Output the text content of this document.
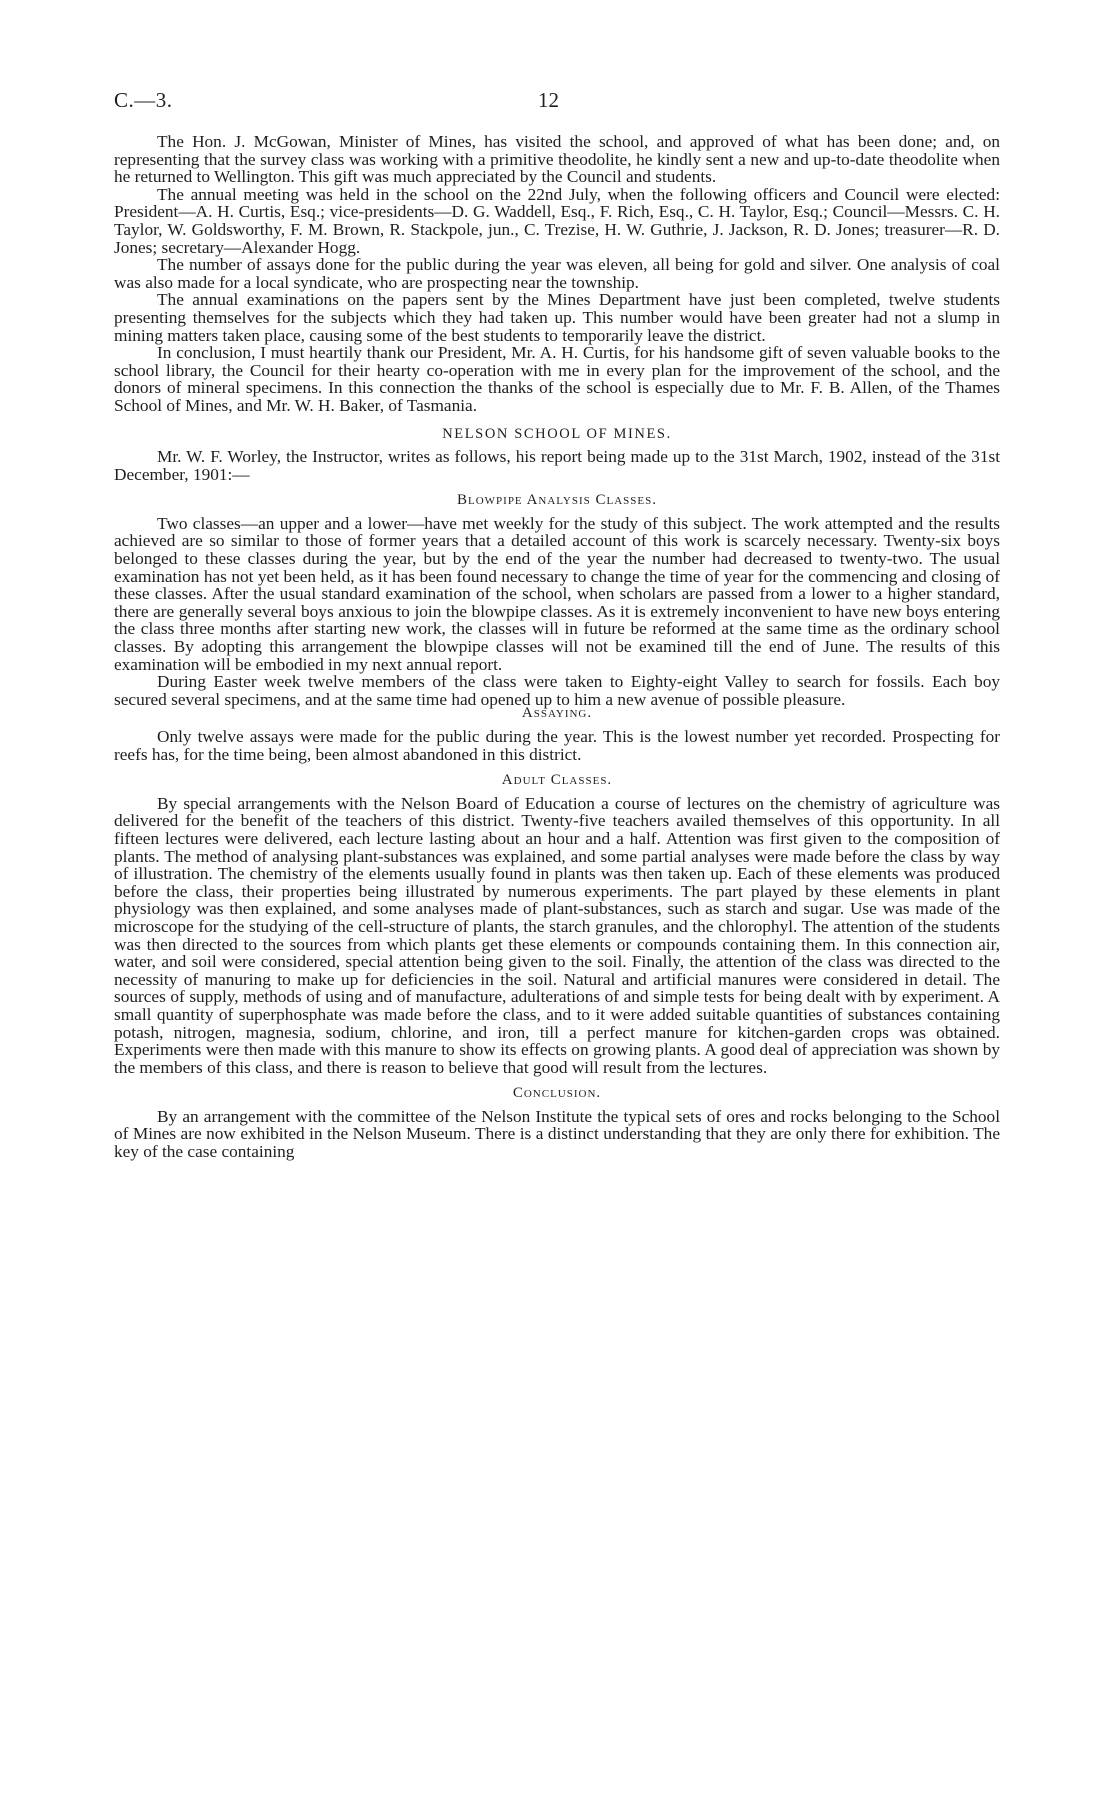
C.—3.	12

The Hon. J. McGowan, Minister of Mines, has visited the school, and approved of what has been done; and, on representing that the survey class was working with a primitive theodolite, he kindly sent a new and up-to-date theodolite when he returned to Wellington. This gift was much appreciated by the Council and students.

The annual meeting was held in the school on the 22nd July, when the following officers and Council were elected: President—A. H. Curtis, Esq.; vice-presidents—D. G. Waddell, Esq., F. Rich, Esq., C. H. Taylor, Esq.; Council—Messrs. C. H. Taylor, W. Goldsworthy, F. M. Brown, R. Stackpole, jun., C. Trezise, H. W. Guthrie, J. Jackson, R. D. Jones; treasurer—R. D. Jones; secretary—Alexander Hogg.

The number of assays done for the public during the year was eleven, all being for gold and silver. One analysis of coal was also made for a local syndicate, who are prospecting near the township.

The annual examinations on the papers sent by the Mines Department have just been completed, twelve students presenting themselves for the subjects which they had taken up. This number would have been greater had not a slump in mining matters taken place, causing some of the best students to temporarily leave the district.

In conclusion, I must heartily thank our President, Mr. A. H. Curtis, for his handsome gift of seven valuable books to the school library, the Council for their hearty co-operation with me in every plan for the improvement of the school, and the donors of mineral specimens. In this connection the thanks of the school is especially due to Mr. F. B. Allen, of the Thames School of Mines, and Mr. W. H. Baker, of Tasmania.

NELSON SCHOOL OF MINES.

Mr. W. F. Worley, the Instructor, writes as follows, his report being made up to the 31st March, 1902, instead of the 31st December, 1901:—

Blowpipe Analysis Classes.

Two classes—an upper and a lower—have met weekly for the study of this subject. The work attempted and the results achieved are so similar to those of former years that a detailed account of this work is scarcely necessary. Twenty-six boys belonged to these classes during the year, but by the end of the year the number had decreased to twenty-two. The usual examination has not yet been held, as it has been found necessary to change the time of year for the commencing and closing of these classes. After the usual standard examination of the school, when scholars are passed from a lower to a higher standard, there are generally several boys anxious to join the blowpipe classes. As it is extremely inconvenient to have new boys entering the class three months after starting new work, the classes will in future be reformed at the same time as the ordinary school classes. By adopting this arrangement the blowpipe classes will not be examined till the end of June. The results of this examination will be embodied in my next annual report.

During Easter week twelve members of the class were taken to Eighty-eight Valley to search for fossils. Each boy secured several specimens, and at the same time had opened up to him a new avenue of possible pleasure.

Assaying.

Only twelve assays were made for the public during the year. This is the lowest number yet recorded. Prospecting for reefs has, for the time being, been almost abandoned in this district.

Adult Classes.

By special arrangements with the Nelson Board of Education a course of lectures on the chemistry of agriculture was delivered for the benefit of the teachers of this district. Twenty-five teachers availed themselves of this opportunity. In all fifteen lectures were delivered, each lecture lasting about an hour and a half. Attention was first given to the composition of plants. The method of analysing plant-substances was explained, and some partial analyses were made before the class by way of illustration. The chemistry of the elements usually found in plants was then taken up. Each of these elements was produced before the class, their properties being illustrated by numerous experiments. The part played by these elements in plant physiology was then explained, and some analyses made of plant-substances, such as starch and sugar. Use was made of the microscope for the studying of the cell-structure of plants, the starch granules, and the chlorophyl. The attention of the students was then directed to the sources from which plants get these elements or compounds containing them. In this connection air, water, and soil were considered, special attention being given to the soil. Finally, the attention of the class was directed to the necessity of manuring to make up for deficiencies in the soil. Natural and artificial manures were considered in detail. The sources of supply, methods of using and of manufacture, adulterations of and simple tests for being dealt with by experiment. A small quantity of superphosphate was made before the class, and to it were added suitable quantities of substances containing potash, nitrogen, magnesia, sodium, chlorine, and iron, till a perfect manure for kitchen-garden crops was obtained. Experiments were then made with this manure to show its effects on growing plants. A good deal of appreciation was shown by the members of this class, and there is reason to believe that good will result from the lectures.

Conclusion.

By an arrangement with the committee of the Nelson Institute the typical sets of ores and rocks belonging to the School of Mines are now exhibited in the Nelson Museum. There is a distinct understanding that they are only there for exhibition. The key of the case containing
